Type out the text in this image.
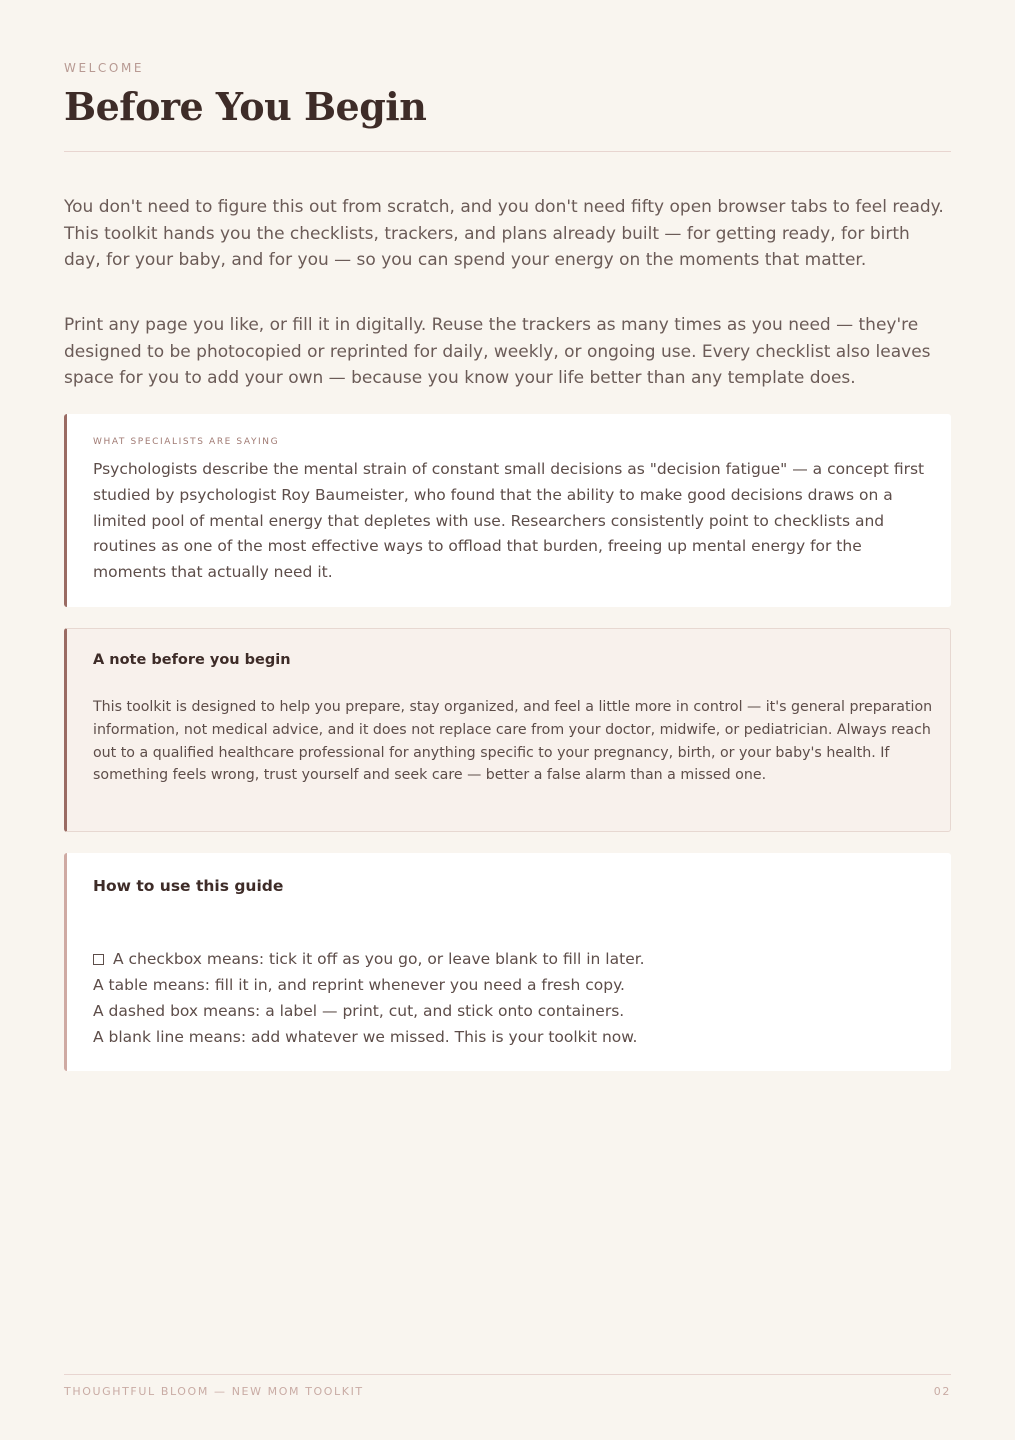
WELCOME
Before You Begin

You don't need to figure this out from scratch, and you don't need fifty open browser tabs to feel ready. This toolkit hands you the checklists, trackers, and plans already built — for getting ready, for birth day, for your baby, and for you — so you can spend your energy on the moments that matter.

Print any page you like, or fill it in digitally. Reuse the trackers as many times as you need — they're designed to be photocopied or reprinted for daily, weekly, or ongoing use. Every checklist also leaves space for you to add your own — because you know your life better than any template does.

WHAT SPECIALISTS ARE SAYING

Psychologists describe the mental strain of constant small decisions as "decision fatigue" — a concept first studied by psychologist Roy Baumeister, who found that the ability to make good decisions draws on a limited pool of mental energy that depletes with use. Researchers consistently point to checklists and routines as one of the most effective ways to offload that burden, freeing up mental energy for the moments that actually need it.

A note before you begin

This toolkit is designed to help you prepare, stay organized, and feel a little more in control — it's general preparation information, not medical advice, and it does not replace care from your doctor, midwife, or pediatrician. Always reach out to a qualified healthcare professional for anything specific to your pregnancy, birth, or your baby's health. If something feels wrong, trust yourself and seek care — better a false alarm than a missed one.

How to use this guide
A checkbox means: tick it off as you go, or leave blank to fill in later.
A table means: fill it in, and reprint whenever you need a fresh copy.
A dashed box means: a label — print, cut, and stick onto containers.
A blank line means: add whatever we missed. This is your toolkit now.
THOUGHTFUL BLOOM — NEW MOM TOOLKIT	02
